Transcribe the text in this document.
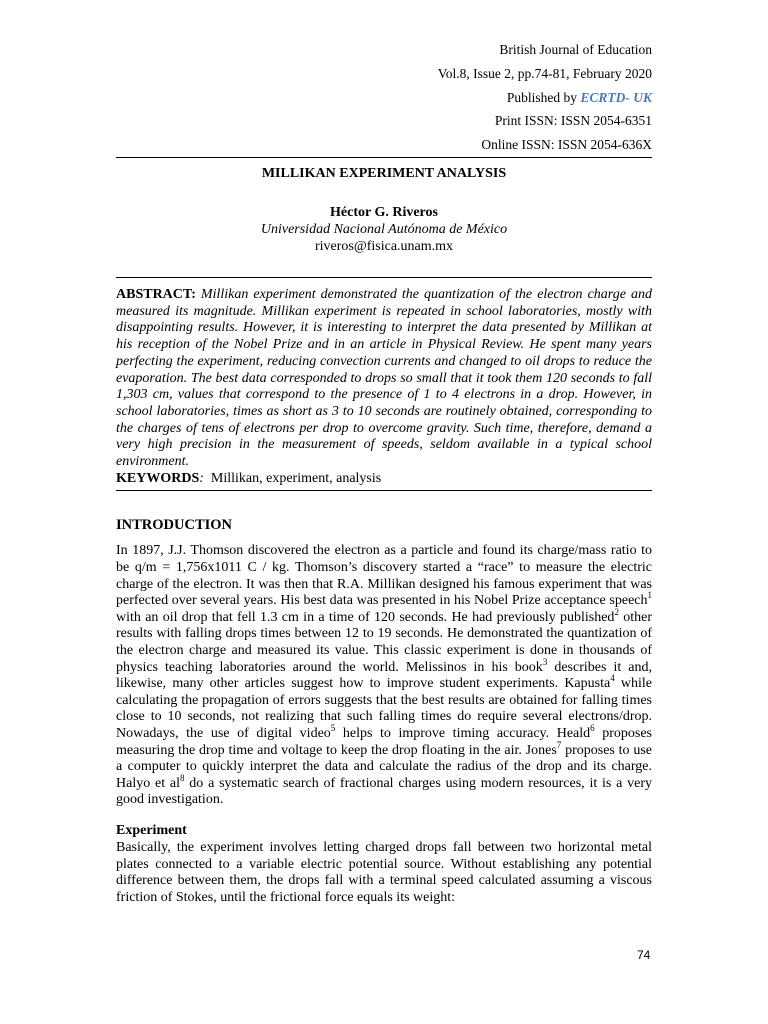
British Journal of Education
Vol.8, Issue 2, pp.74-81, February 2020
Published by ECRTD- UK
Print ISSN: ISSN 2054-6351
Online ISSN: ISSN 2054-636X
MILLIKAN EXPERIMENT ANALYSIS
Héctor G. Riveros
Universidad Nacional Autónoma de México
riveros@fisica.unam.mx
ABSTRACT: Millikan experiment demonstrated the quantization of the electron charge and measured its magnitude. Millikan experiment is repeated in school laboratories, mostly with disappointing results. However, it is interesting to interpret the data presented by Millikan at his reception of the Nobel Prize and in an article in Physical Review. He spent many years perfecting the experiment, reducing convection currents and changed to oil drops to reduce the evaporation. The best data corresponded to drops so small that it took them 120 seconds to fall 1,303 cm, values that correspond to the presence of 1 to 4 electrons in a drop. However, in school laboratories, times as short as 3 to 10 seconds are routinely obtained, corresponding to the charges of tens of electrons per drop to overcome gravity. Such time, therefore, demand a very high precision in the measurement of speeds, seldom available in a typical school environment.
KEYWORDS: Millikan, experiment, analysis
INTRODUCTION

In 1897, J.J. Thomson discovered the electron as a particle and found its charge/mass ratio to be q/m = 1,756x1011 C / kg. Thomson’s discovery started a “race” to measure the electric charge of the electron. It was then that R.A. Millikan designed his famous experiment that was perfected over several years. His best data was presented in his Nobel Prize acceptance speech$^1$ with an oil drop that fell 1.3 cm in a time of 120 seconds. He had previously published$^2$ other results with falling drops times between 12 to 19 seconds. He demonstrated the quantization of the electron charge and measured its value. This classic experiment is done in thousands of physics teaching laboratories around the world. Melissinos in his book$^3$ describes it and, likewise, many other articles suggest how to improve student experiments. Kapusta$^4$ while calculating the propagation of errors suggests that the best results are obtained for falling times close to 10 seconds, not realizing that such falling times do require several electrons/drop. Nowadays, the use of digital video$^5$ helps to improve timing accuracy. Heald$^6$ proposes measuring the drop time and voltage to keep the drop floating in the air. Jones$^7$ proposes to use a computer to quickly interpret the data and calculate the radius of the drop and its charge. Halyo et $al^8$ do a systematic search of fractional charges using modern resources, it is a very good investigation.

Experiment

Basically, the experiment involves letting charged drops fall between two horizontal metal plates connected to a variable electric potential source. Without establishing any potential difference between them, the drops fall with a terminal speed calculated assuming a viscous friction of Stokes, until the frictional force equals its weight:

74
